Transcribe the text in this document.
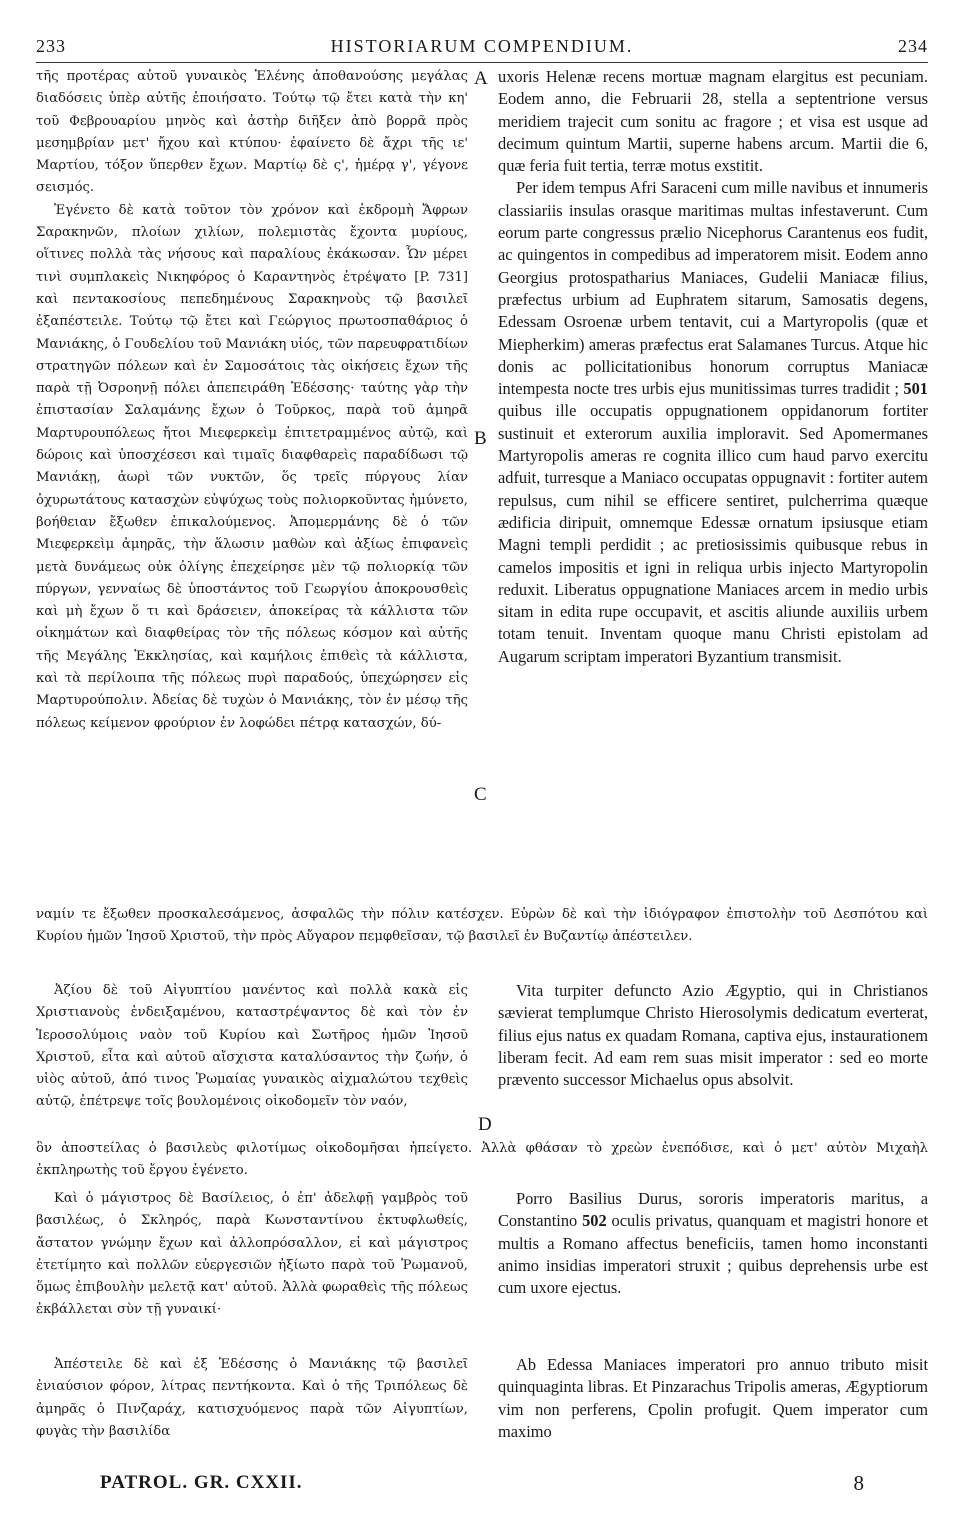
233	HISTORIARUM COMPENDIUM.	234

τῆς προτέρας αὐτοῦ γυναικὸς Ἑλένης ἀποθανούσης μεγάλας διαδόσεις ὑπὲρ αὐτῆς ἐποιήσατο. Τούτῳ τῷ ἔτει κατὰ τὴν κη' τοῦ Φεβρουαρίου μηνὸς καὶ ἀστὴρ διῆξεν ἀπὸ βορρᾶ πρὸς μεσημβρίαν μετ' ἤχου καὶ κτύπου· ἐφαίνετο δὲ ἄχρι τῆς ιε' Μαρτίου, τόξον ὕπερθεν ἔχων. Μαρτίῳ δὲ ς', ἡμέρᾳ γ', γέγονε σεισμός.

Ἐγένετο δὲ κατὰ τοῦτον τὸν χρόνον καὶ ἐκδρομὴ Ἄφρων Σαρακηνῶν, πλοίων χιλίων, πολεμιστὰς ἔχοντα μυρίους, οἵτινες πολλὰ τὰς νήσους καὶ παραλίους ἐκάκωσαν. Ὧν μέρει τινὶ συμπλακεὶς Νικηφόρος ὁ Καραντηνὸς ἐτρέψατο [P. 731] καὶ πεντακοσίους πεπεδημένους Σαρακηνοὺς τῷ βασιλεῖ ἐξαπέστειλε. Τούτῳ τῷ ἔτει καὶ Γεώργιος πρωτοσπαθάριος ὁ Μανιάκης, ὁ Γουδελίου τοῦ Μανιάκη υἱός, τῶν παρευφρατιδίων στρατηγῶν πόλεων καὶ ἐν Σαμοσάτοις τὰς οἰκήσεις ἔχων τῆς παρὰ τῇ Ὀσροηνῇ πόλει ἀπεπειράθη Ἐδέσσης· ταύτης γὰρ τὴν ἐπιστασίαν Σαλαμάνης ἔχων ὁ Τοῦρκος, παρὰ τοῦ ἀμηρᾶ Μαρτυρουπόλεως ἤτοι Μιεφερκεὶμ ἐπιτετραμμένος αὐτῷ, καὶ δώροις καὶ ὑποσχέσεσι καὶ τιμαῖς διαφθαρεὶς παραδίδωσι τῷ Μανιάκῃ, ἀωρὶ τῶν νυκτῶν, ὅς τρεῖς πύργους λίαν ὀχυρωτάτους κατασχὼν εὐψύχως τοὺς πολιορκοῦντας ἠμύνετο, βοήθειαν ἔξωθεν ἐπικαλούμενος. Ἀπομερμάνης δὲ ὁ τῶν Μιεφερκεὶμ ἀμηρᾶς, τὴν ἅλωσιν μαθὼν καὶ ἀξίως ἐπιφανεὶς μετὰ δυνάμεως οὐκ ὀλίγης ἐπεχείρησε μὲν τῷ πολιορκίᾳ τῶν πύργων, γενναίως δὲ ὑποστάντος τοῦ Γεωργίου ἀποκρουσθεὶς καὶ μὴ ἔχων ὅ τι καὶ δράσειεν, ἀποκείρας τὰ κάλλιστα τῶν οἰκημάτων καὶ διαφθείρας τὸν τῆς πόλεως κόσμον καὶ αὐτῆς τῆς Μεγάλης Ἐκκλησίας, καὶ καμήλοις ἐπιθεὶς τὰ κάλλιστα, καὶ τὰ περίλοιπα τῆς πόλεως πυρὶ παραδούς, ὑπεχώρησεν εἰς Μαρτυρούπολιν. Ἀδείας δὲ τυχὼν ὁ Μανιάκης, τὸν ἐν μέσῳ τῆς πόλεως κείμενον φρούριον ἐν λοφώδει πέτρᾳ κατασχών, δύ-

uxoris Helenæ recens mortuæ magnam elargitus est pecuniam. Eodem anno, die Februarii 28, stella a septentrione versus meridiem trajecit cum sonitu ac fragore ; et visa est usque ad decimum quintum Martii, superne habens arcum. Martii die 6, quæ feria fuit tertia, terræ motus exstitit.

Per idem tempus Afri Saraceni cum mille navibus et innumeris classiariis insulas orasque maritimas multas infestaverunt. Cum eorum parte congressus prælio Nicephorus Carantenus eos fudit, ac quingentos in compedibus ad imperatorem misit. Eodem anno Georgius protospatharius Maniaces, Gudelii Maniacæ filius, præfectus urbium ad Euphratem sitarum, Samosatis degens, Edessam Osroenæ urbem tentavit, cui a Martyropolis (quæ et Miepherkim) ameras præfectus erat Salamanes Turcus. Atque hic donis ac pollicitationibus honorum corruptus Maniacæ intempesta nocte tres urbis ejus munitissimas turres tradidit ; 501 quibus ille occupatis oppugnationem oppidanorum fortiter sustinuit et exterorum auxilia imploravit. Sed Apomermanes Martyropolis ameras re cognita illico cum haud parvo exercitu adfuit, turresque a Maniaco occupatas oppugnavit : fortiter autem repulsus, cum nihil se efficere sentiret, pulcherrima quæque ædificia diripuit, omnemque Edessæ ornatum ipsiusque etiam Magni templi perdidit ; ac pretiosissimis quibusque rebus in camelos impositis et igni in reliqua urbis injecto Martyropolin reduxit. Liberatus oppugnatione Maniaces arcem in medio urbis sitam in edita rupe occupavit, et ascitis aliunde auxiliis urbem totam tenuit. Inventam quoque manu Christi epistolam ad Augarum scriptam imperatori Byzantium transmisit.

ναμίν τε ἔξωθεν προσκαλεσάμενος, ἀσφαλῶς τὴν πόλιν κατέσχεν. Εὑρὼν δὲ καὶ τὴν ἰδιόγραφον ἐπιστολὴν τοῦ Δεσπότου καὶ Κυρίου ἡμῶν Ἰησοῦ Χριστοῦ, τὴν πρὸς Αὔγαρον πεμφθεῖσαν, τῷ βασιλεῖ ἐν Βυζαντίῳ ἀπέστειλεν.
A
B
C
D

Ἀζίου δὲ τοῦ Αἰγυπτίου μανέντος καὶ πολλὰ κακὰ εἰς Χριστιανοὺς ἐνδειξαμένου, καταστρέψαντος δὲ καὶ τὸν ἐν Ἱεροσολύμοις ναὸν τοῦ Κυρίου καὶ Σωτῆρος ἡμῶν Ἰησοῦ Χριστοῦ, εἶτα καὶ αὐτοῦ αἴσχιστα καταλύσαντος τὴν ζωήν, ὁ υἱὸς αὐτοῦ, ἀπό τινος Ῥωμαίας γυναικὸς αἰχμαλώτου τεχθεὶς αὐτῷ, ἐπέτρεψε τοῖς βουλομένοις οἰκοδομεῖν τὸν ναόν,

Vita turpiter defuncto Azio Ægyptio, qui in Christianos sævierat templumque Christo Hierosolymis dedicatum everterat, filius ejus natus ex quadam Romana, captiva ejus, instaurationem liberam fecit. Ad eam rem suas misit imperator : sed eo morte prævento successor Michaelus opus absolvit.

ὃν ἀποστείλας ὁ βασιλεὺς φιλοτίμως οἰκοδομῆσαι ἠπείγετο. Ἀλλὰ φθάσαν τὸ χρεὼν ἐνεπόδισε, καὶ ὁ μετ' αὐτὸν Μιχαὴλ ἐκπληρωτὴς τοῦ ἔργου ἐγένετο.

Καὶ ὁ μάγιστρος δὲ Βασίλειος, ὁ ἐπ' ἀδελφῇ γαμβρὸς τοῦ βασιλέως, ὁ Σκληρός, παρὰ Κωνσταντίνου ἐκτυφλωθείς, ἄστατον γνώμην ἔχων καὶ ἀλλοπρόσαλλον, εἰ καὶ μάγιστρος ἐτετίμητο καὶ πολλῶν εὐεργεσιῶν ἠξίωτο παρὰ τοῦ Ῥωμανοῦ, ὅμως ἐπιβουλὴν μελετᾷ κατ' αὐτοῦ. Ἀλλὰ φωραθεὶς τῆς πόλεως ἐκβάλλεται σὺν τῇ γυναικί·

Porro Basilius Durus, sororis imperatoris maritus, a Constantino 502 oculis privatus, quanquam et magistri honore et multis a Romano affectus beneficiis, tamen homo inconstanti animo insidias imperatori struxit ; quibus deprehensis urbe est cum uxore ejectus.

Ἀπέστειλε δὲ καὶ ἐξ Ἐδέσσης ὁ Μανιάκης τῷ βασιλεῖ ἐνιαύσιον φόρον, λίτρας πεντήκοντα. Καὶ ὁ τῆς Τριπόλεως δὲ ἀμηρᾶς ὁ Πινζαράχ, κατισχυόμενος παρὰ τῶν Αἰγυπτίων, φυγὰς τὴν βασιλίδα

Ab Edessa Maniaces imperatori pro annuo tributo misit quinquaginta libras. Et Pinzarachus Tripolis ameras, Ægyptiorum vim non perferens, Cpolin profugit. Quem imperator cum maximo

PATROL. GR. CXXII.	8
